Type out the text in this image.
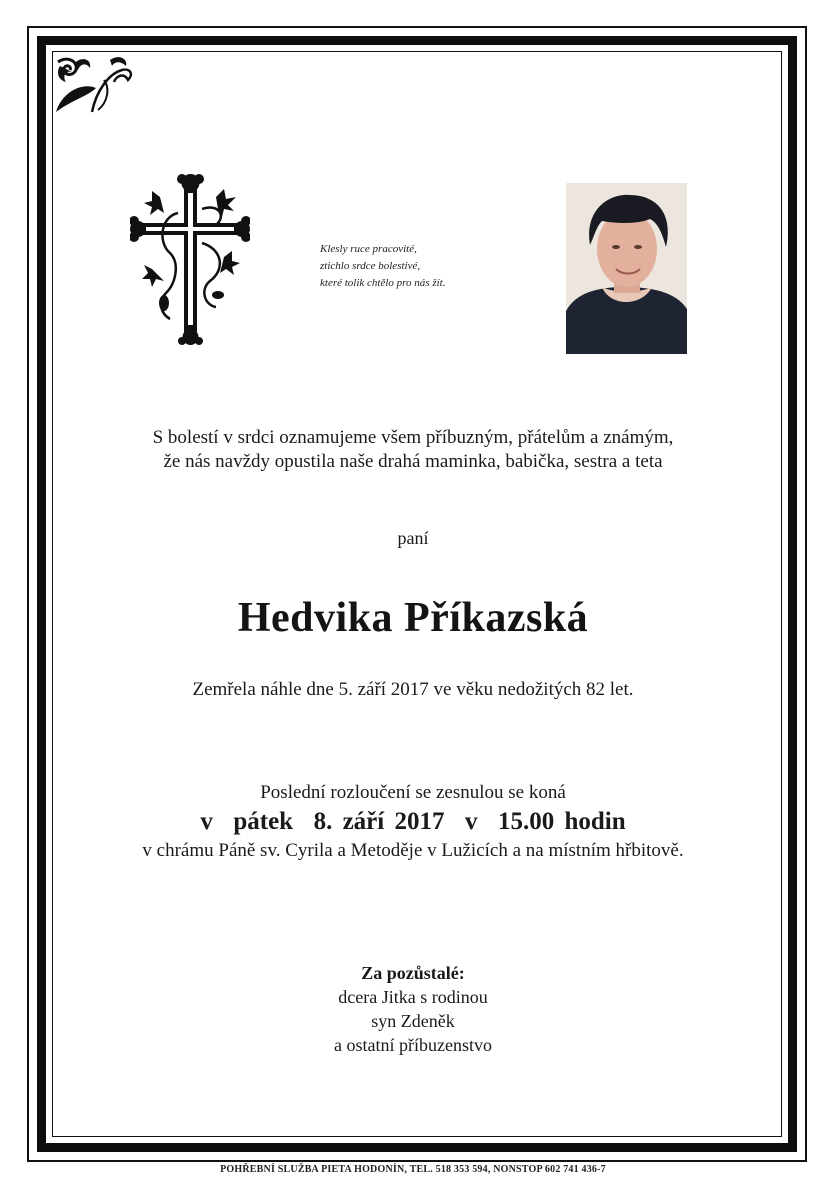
Klesly ruce pracovité,
ztichlo srdce bolestivé,
které tolik chtělo pro nás žít.
S bolestí v srdci oznamujeme všem příbuzným, přátelům a známým,
že nás navždy opustila naše drahá maminka, babička, sestra a teta
paní
Hedvika Příkazská
Zemřela náhle dne 5. září 2017 ve věku nedožitých 82 let.
Poslední rozloučení se zesnulou se koná
v  pátek  8. září 2017  v  15.00 hodin
v chrámu Páně sv. Cyrila a Metoděje v Lužicích a na místním hřbitově.
Za pozůstalé:
dcera Jitka s rodinou
syn Zdeněk
a ostatní příbuzenstvo
POHŘEBNÍ SLUŽBA PIETA HODONÍN, TEL. 518 353 594, NONSTOP 602 741 436-7
